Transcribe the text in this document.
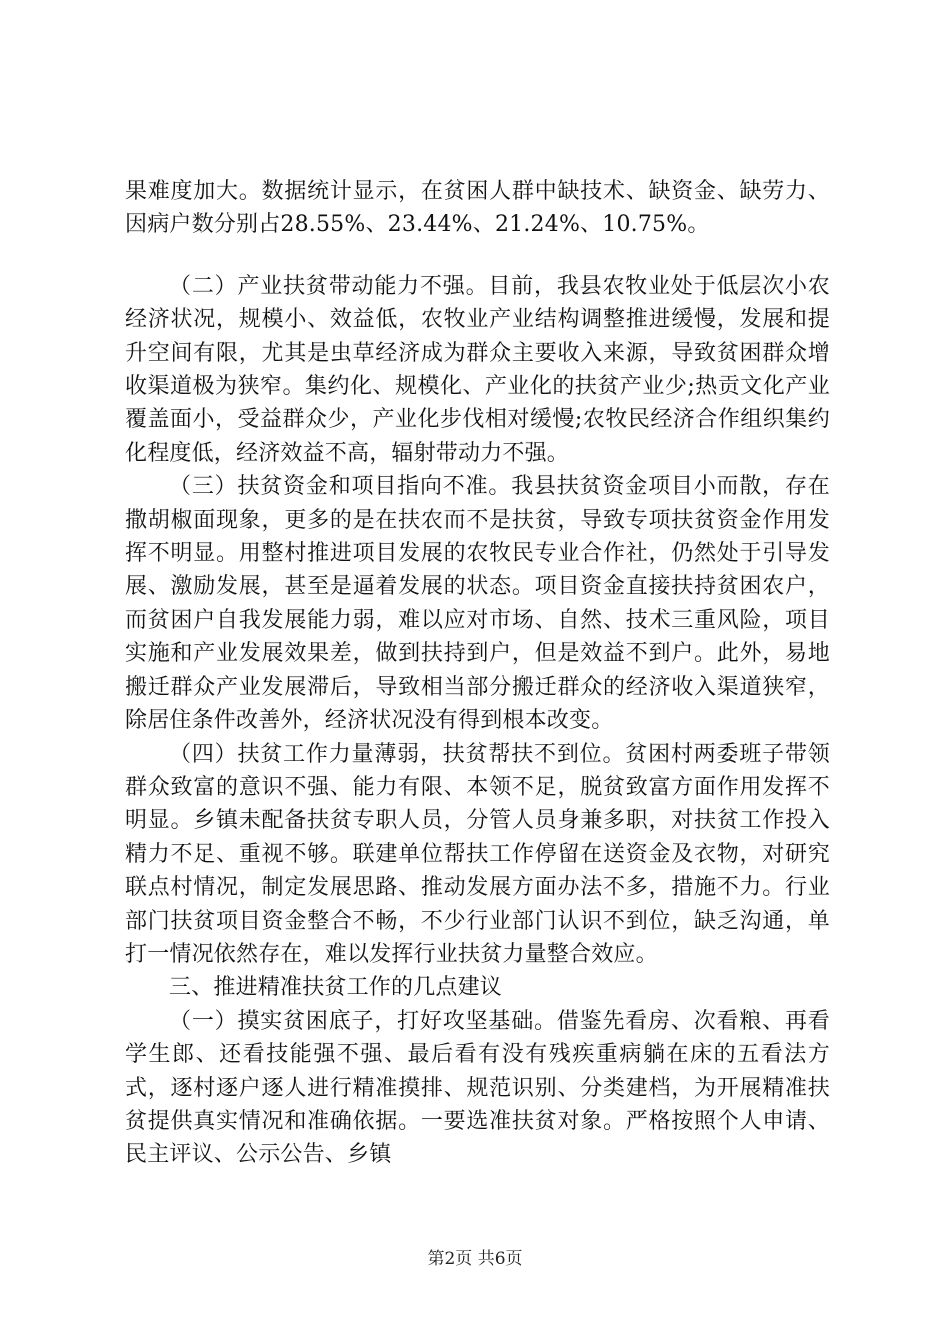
果难度加大。数据统计显示，在贫困人群中缺技术、缺资金、缺劳力、因病户数分别占28.55%、23.44%、21.24%、10.75%。

（二）产业扶贫带动能力不强。目前，我县农牧业处于低层次小农经济状况，规模小、效益低，农牧业产业结构调整推进缓慢，发展和提升空间有限，尤其是虫草经济成为群众主要收入来源，导致贫困群众增收渠道极为狭窄。集约化、规模化、产业化的扶贫产业少;热贡文化产业覆盖面小，受益群众少，产业化步伐相对缓慢;农牧民经济合作组织集约化程度低，经济效益不高，辐射带动力不强。

（三）扶贫资金和项目指向不准。我县扶贫资金项目小而散，存在撒胡椒面现象，更多的是在扶农而不是扶贫，导致专项扶贫资金作用发挥不明显。用整村推进项目发展的农牧民专业合作社，仍然处于引导发展、激励发展，甚至是逼着发展的状态。项目资金直接扶持贫困农户，而贫困户自我发展能力弱，难以应对市场、自然、技术三重风险，项目实施和产业发展效果差，做到扶持到户，但是效益不到户。此外，易地搬迁群众产业发展滞后，导致相当部分搬迁群众的经济收入渠道狭窄，除居住条件改善外，经济状况没有得到根本改变。

（四）扶贫工作力量薄弱，扶贫帮扶不到位。贫困村两委班子带领群众致富的意识不强、能力有限、本领不足，脱贫致富方面作用发挥不明显。乡镇未配备扶贫专职人员，分管人员身兼多职，对扶贫工作投入精力不足、重视不够。联建单位帮扶工作停留在送资金及衣物，对研究联点村情况，制定发展思路、推动发展方面办法不多，措施不力。行业部门扶贫项目资金整合不畅，不少行业部门认识不到位，缺乏沟通，单打一情况依然存在，难以发挥行业扶贫力量整合效应。

三、推进精准扶贫工作的几点建议

（一）摸实贫困底子，打好攻坚基础。借鉴先看房、次看粮、再看学生郎、还看技能强不强、最后看有没有残疾重病躺在床的五看法方式，逐村逐户逐人进行精准摸排、规范识别、分类建档，为开展精准扶贫提供真实情况和准确依据。一要选准扶贫对象。严格按照个人申请、民主评议、公示公告、乡镇

第2页 共6页
